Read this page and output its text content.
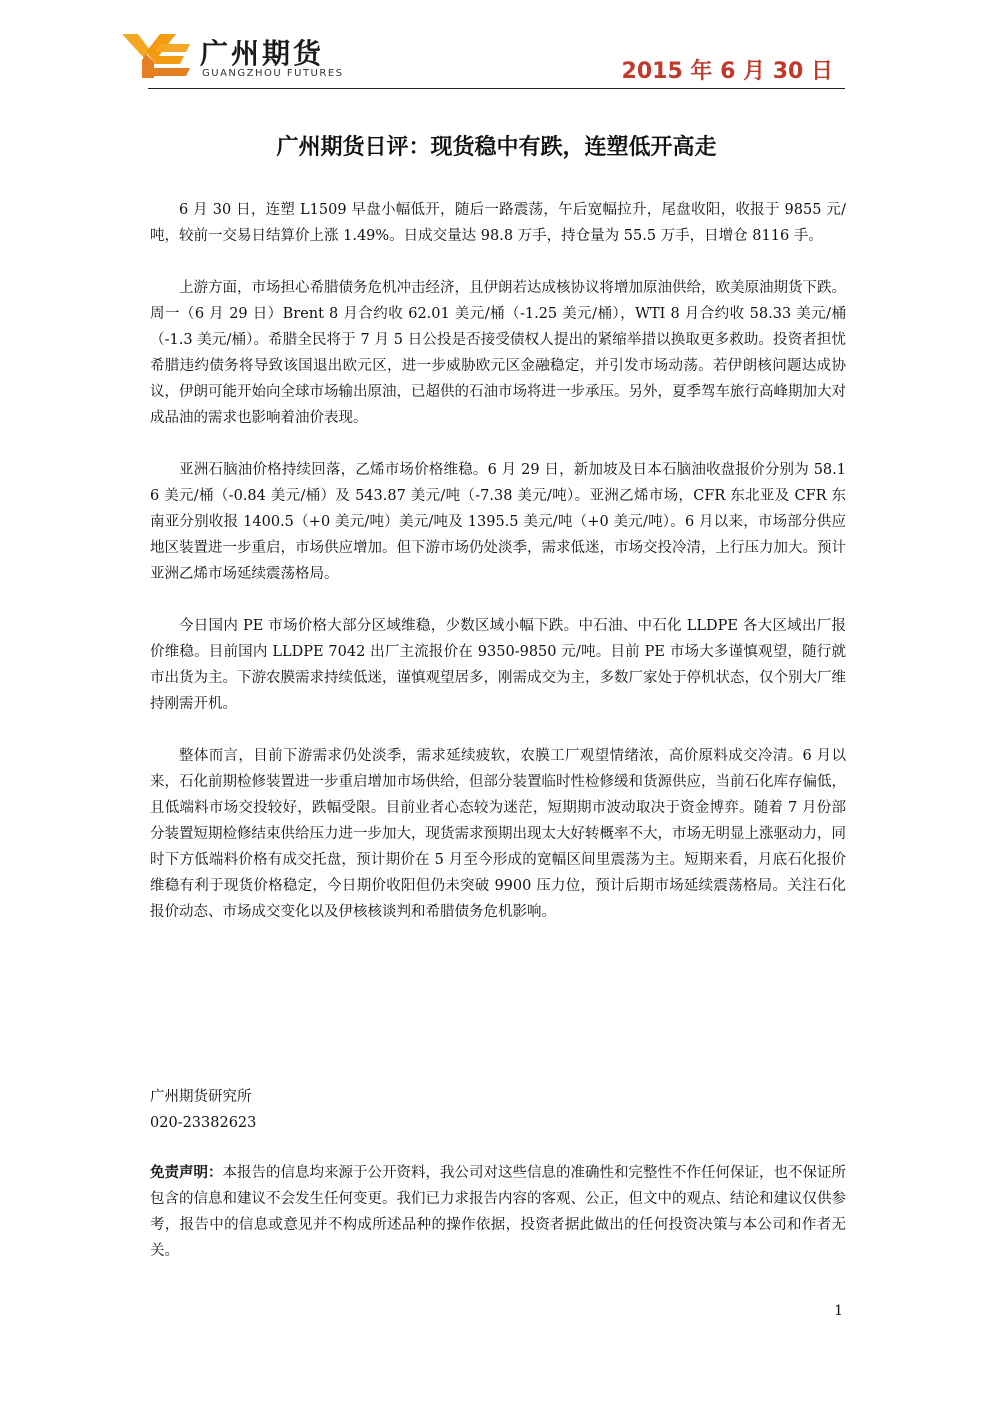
广州期货
GUANGZHOU FUTURES	2015 年 6 月 30 日
广州期货日评：现货稳中有跌，连塑低开高走

6 月 30 日，连塑 L1509 早盘小幅低开，随后一路震荡，午后宽幅拉升，尾盘收阳，收报于 9855 元/吨，较前一交易日结算价上涨 1.49%。日成交量达 98.8 万手，持仓量为 55.5 万手，日增仓 8116 手。

上游方面，市场担心希腊债务危机冲击经济，且伊朗若达成核协议将增加原油供给，欧美原油期货下跌。周一（6 月 29 日）Brent 8 月合约收 62.01 美元/桶（-1.25 美元/桶），WTI 8 月合约收 58.33 美元/桶（-1.3 美元/桶）。希腊全民将于 7 月 5 日公投是否接受债权人提出的紧缩举措以换取更多救助。投资者担忧希腊违约债务将导致该国退出欧元区，进一步威胁欧元区金融稳定，并引发市场动荡。若伊朗核问题达成协议，伊朗可能开始向全球市场输出原油，已超供的石油市场将进一步承压。另外，夏季驾车旅行高峰期加大对成品油的需求也影响着油价表现。

亚洲石脑油价格持续回落，乙烯市场价格维稳。6 月 29 日，新加坡及日本石脑油收盘报价分别为 58.16 美元/桶（-0.84 美元/桶）及 543.87 美元/吨（-7.38 美元/吨）。亚洲乙烯市场，CFR 东北亚及 CFR 东南亚分别收报 1400.5（+0 美元/吨）美元/吨及 1395.5 美元/吨（+0 美元/吨）。6 月以来，市场部分供应地区装置进一步重启，市场供应增加。但下游市场仍处淡季，需求低迷，市场交投冷清，上行压力加大。预计亚洲乙烯市场延续震荡格局。

今日国内 PE 市场价格大部分区域维稳，少数区域小幅下跌。中石油、中石化 LLDPE 各大区域出厂报价维稳。目前国内 LLDPE 7042 出厂主流报价在 9350-9850 元/吨。目前 PE 市场大多谨慎观望，随行就市出货为主。下游农膜需求持续低迷，谨慎观望居多，刚需成交为主，多数厂家处于停机状态，仅个别大厂维持刚需开机。

整体而言，目前下游需求仍处淡季，需求延续疲软，农膜工厂观望情绪浓，高价原料成交冷清。6 月以来，石化前期检修装置进一步重启增加市场供给，但部分装置临时性检修缓和货源供应，当前石化库存偏低，且低端料市场交投较好，跌幅受限。目前业者心态较为迷茫，短期期市波动取决于资金博弈。随着 7 月份部分装置短期检修结束供给压力进一步加大，现货需求预期出现太大好转概率不大，市场无明显上涨驱动力，同时下方低端料价格有成交托盘，预计期价在 5 月至今形成的宽幅区间里震荡为主。短期来看，月底石化报价维稳有利于现货价格稳定，今日期价收阳但仍未突破 9900 压力位，预计后期市场延续震荡格局。关注石化报价动态、市场成交变化以及伊核核谈判和希腊债务危机影响。

广州期货研究所
020-23382623
免责声明：本报告的信息均来源于公开资料，我公司对这些信息的准确性和完整性不作任何保证，也不保证所包含的信息和建议不会发生任何变更。我们已力求报告内容的客观、公正，但文中的观点、结论和建议仅供参考，报告中的信息或意见并不构成所述品种的操作依据，投资者据此做出的任何投资决策与本公司和作者无关。
1
